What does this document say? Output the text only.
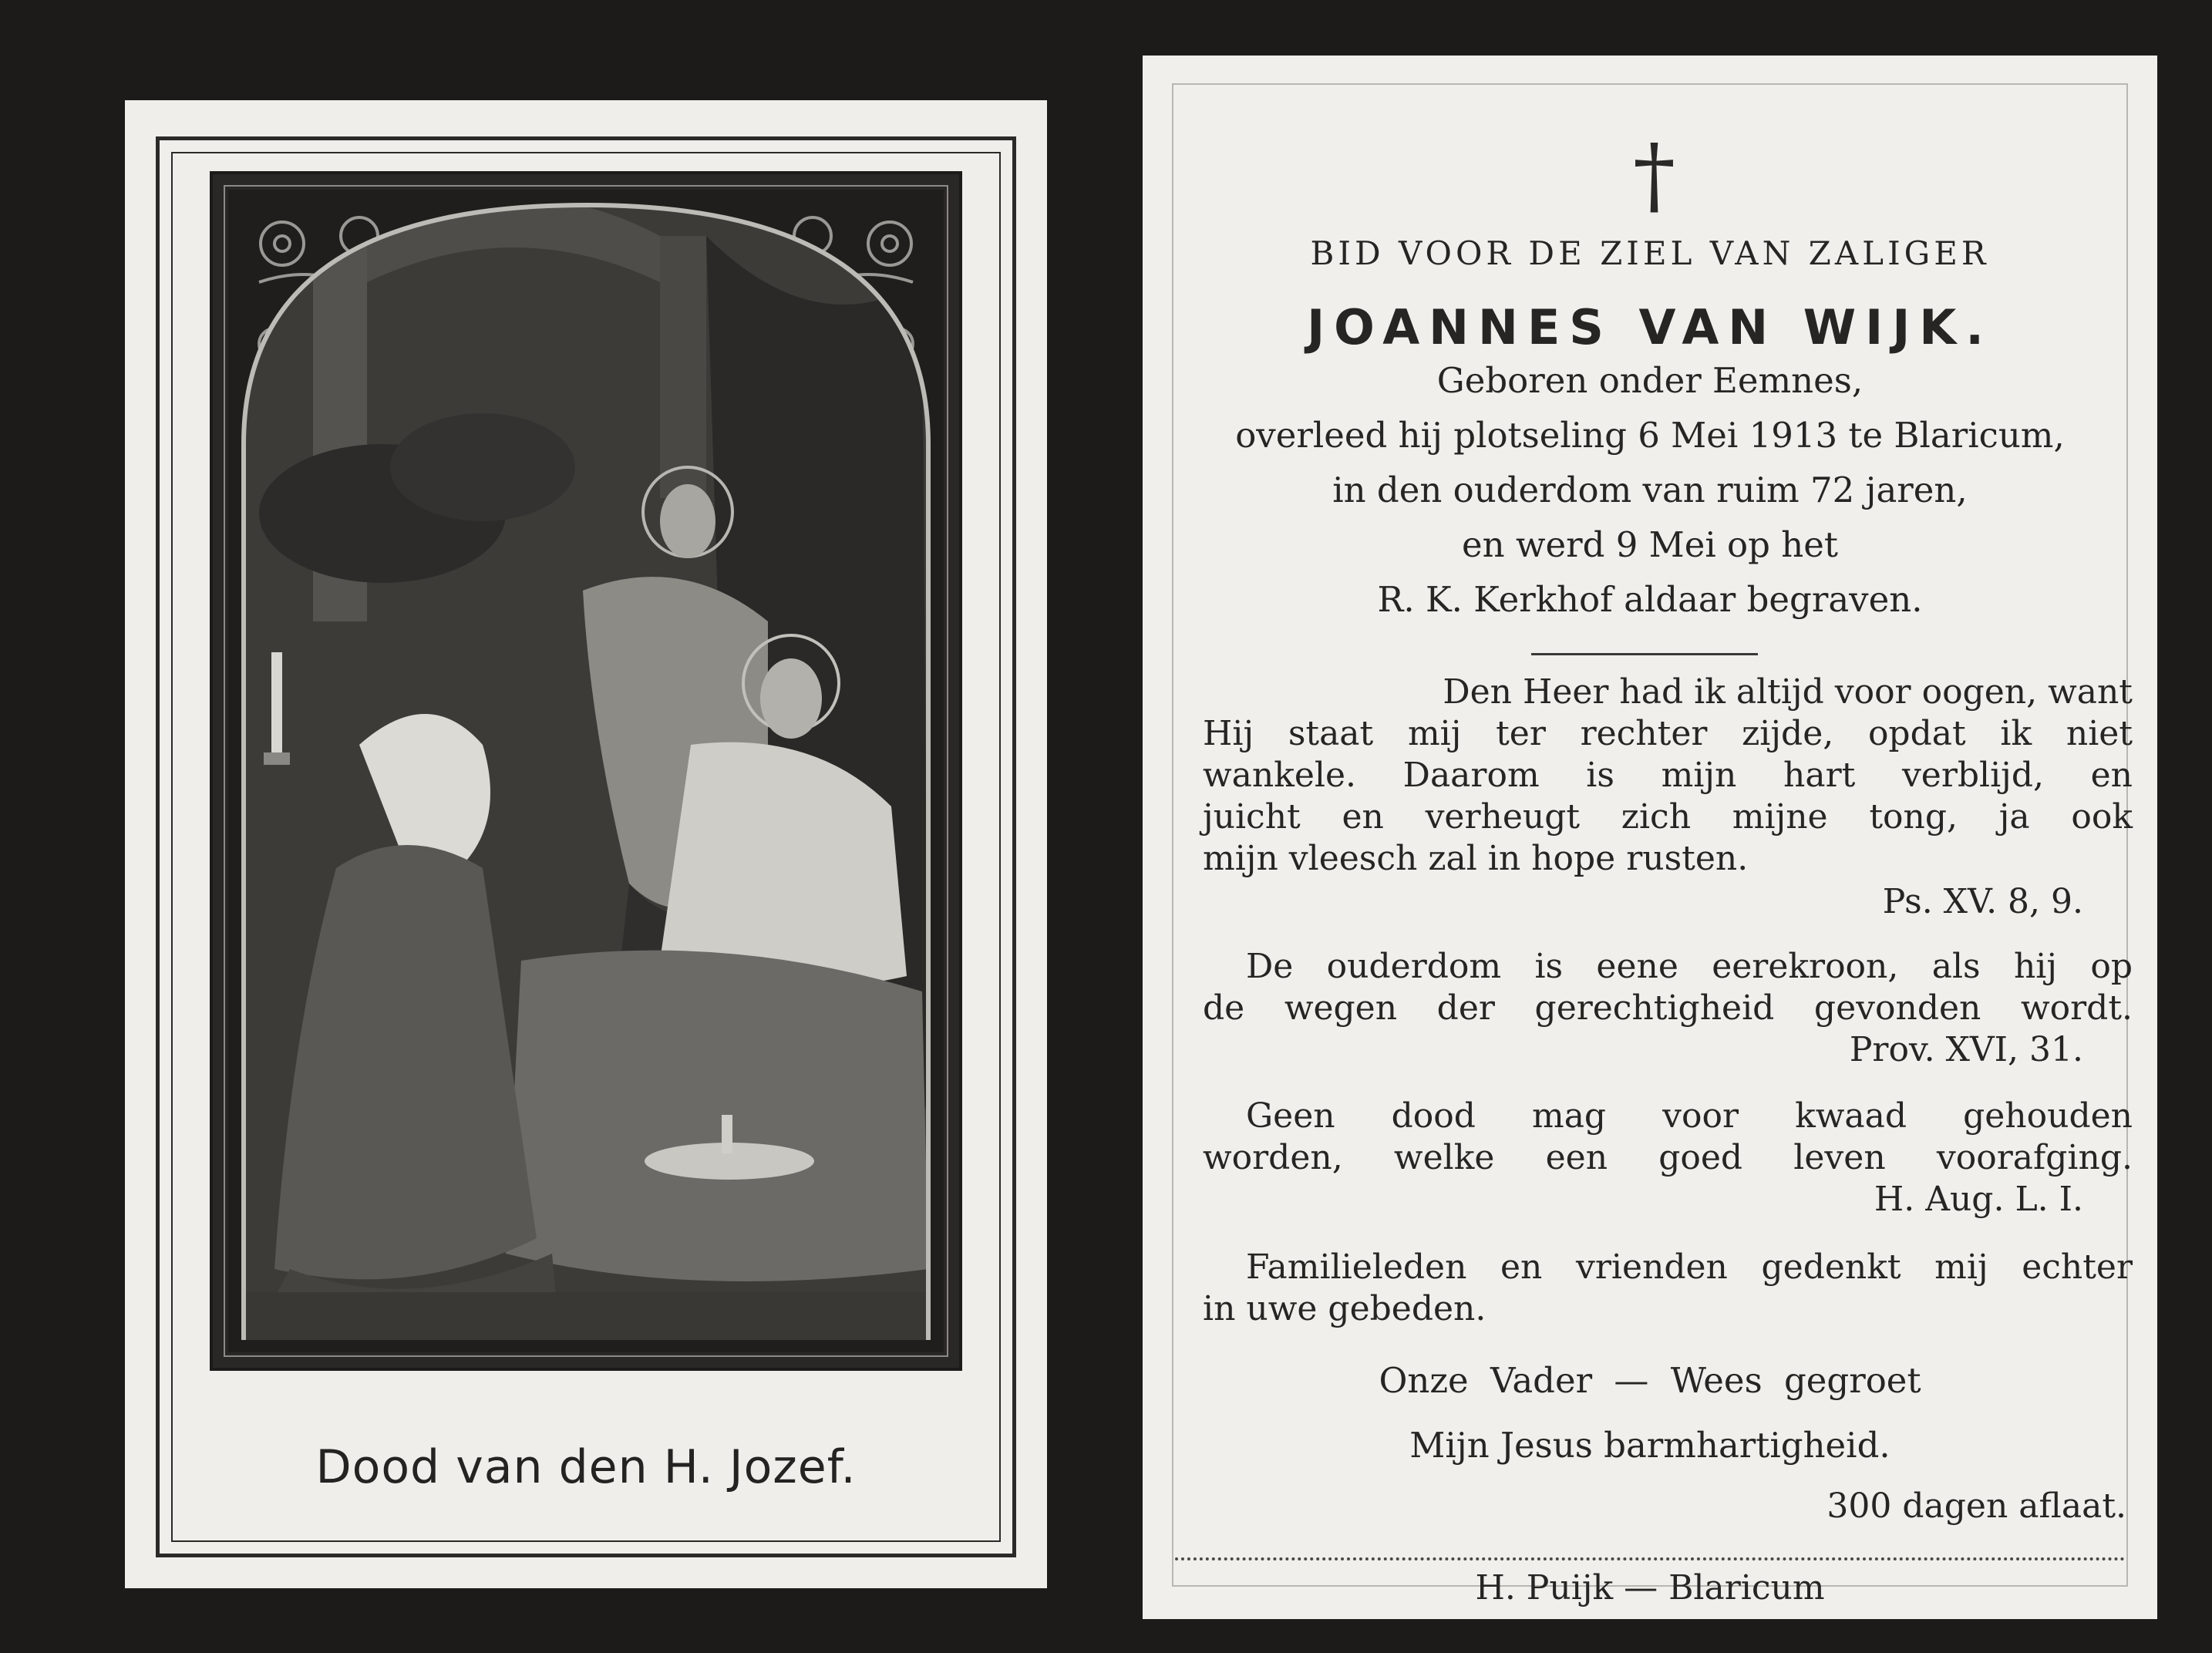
Dood van den H. Jozef.
†
BID VOOR DE ZIEL VAN ZALIGER
JOANNES VAN WIJK.
Geboren onder Eemnes,
overleed hij plotseling 6 Mei 1913 te Blaricum,
in den ouderdom van ruim 72 jaren,
en werd 9 Mei op het
R. K. Kerkhof aldaar begraven.
Den Heer had ik altijd voor oogen, want
Hij staat mij ter rechter zijde, opdat ik niet
wankele. Daarom is mijn hart verblijd, en
juicht en verheugt zich mijne tong, ja ook
mijn vleesch zal in hope rusten.
Ps. XV. 8, 9.
De ouderdom is eene eerekroon, als hij op
de wegen der gerechtigheid gevonden wordt.
Prov. XVI, 31.
Geen dood mag voor kwaad gehouden
worden, welke een goed leven voorafging.
H. Aug. L. I.
Familieleden en vrienden gedenkt mij echter
in uwe gebeden.
Onze Vader — Wees gegroet
Mijn Jesus barmhartigheid.
300 dagen aflaat.
H. Puijk — Blaricum
